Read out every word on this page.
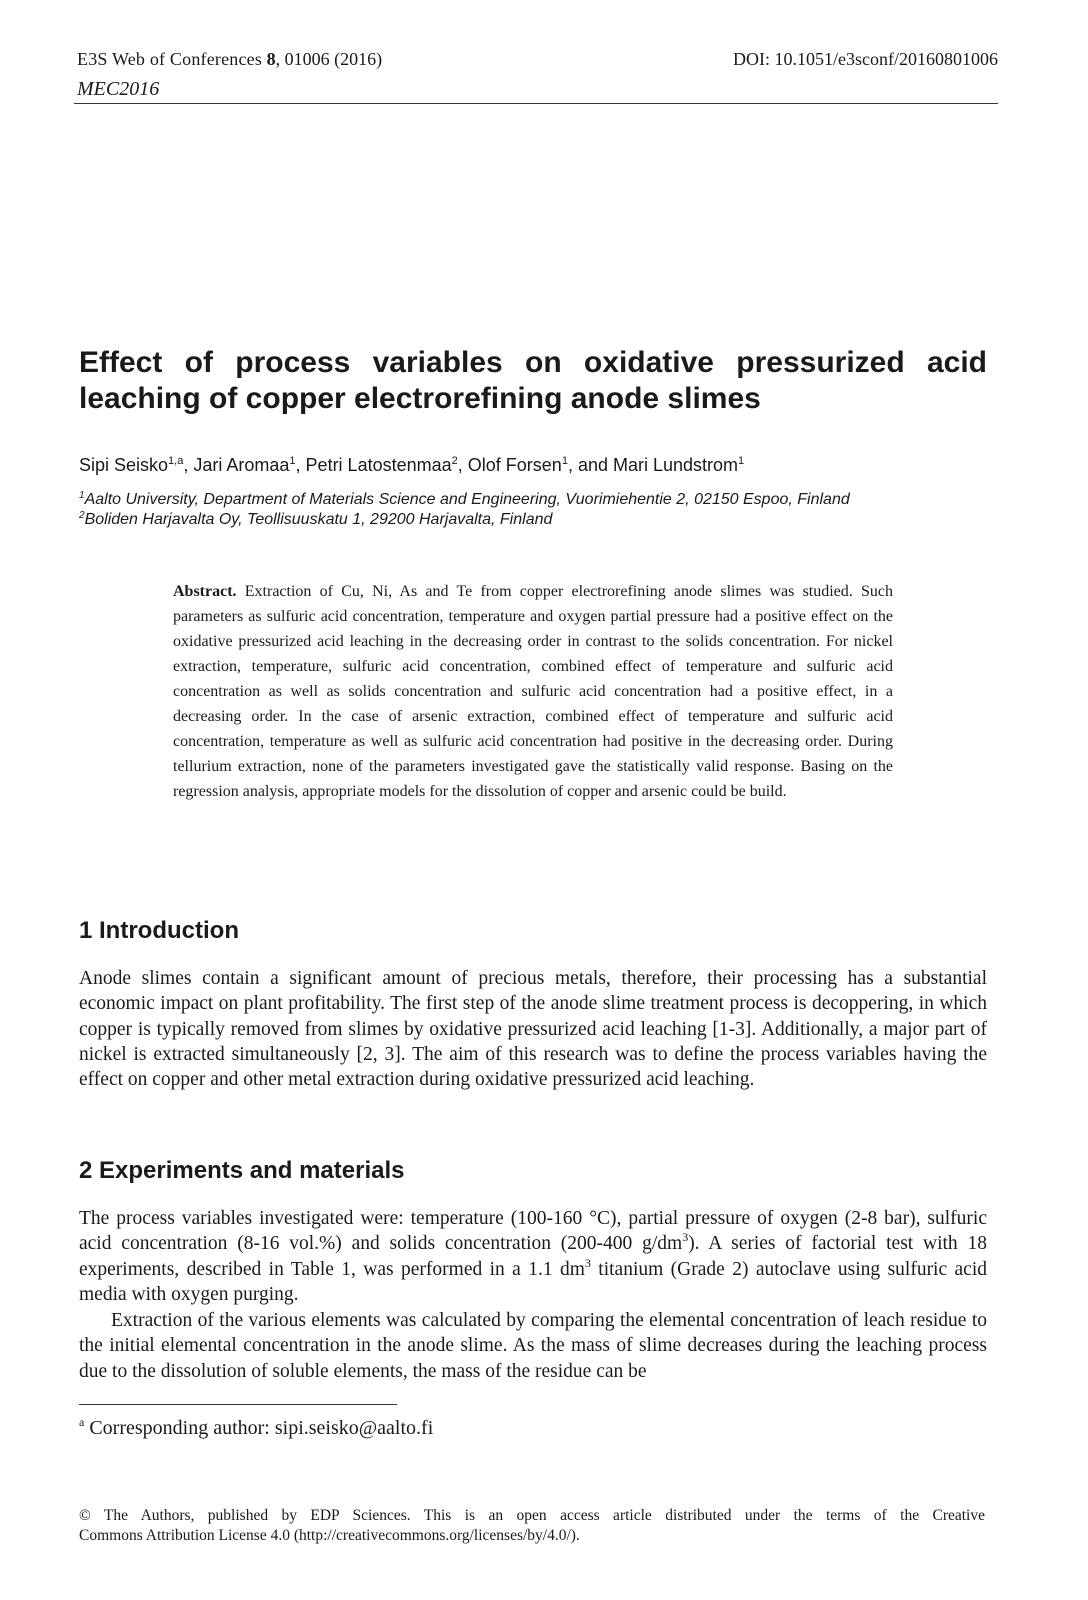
E3S Web of Conferences 8, 01006 (2016)
MEC2016
DOI: 10.1051/e3sconf/20160801006
Effect of process variables on oxidative pressurized acid
leaching of copper electrorefining anode slimes
Sipi Seisko$^{1,a}$, Jari Aromaa$^1$, Petri Latostenmaa$^2$, Olof Forsen$^1$, and Mari Lundstrom$^1$
$^1$Aalto University, Department of Materials Science and Engineering, Vuorimiehentie 2, 02150 Espoo, Finland
$^2$Boliden Harjavalta Oy, Teollisuuskatu 1, 29200 Harjavalta, Finland
Abstract. Extraction of Cu, Ni, As and Te from copper electrorefining anode slimes was studied. Such parameters as sulfuric acid concentration, temperature and oxygen partial pressure had a positive effect on the oxidative pressurized acid leaching in the decreasing order in contrast to the solids concentration. For nickel extraction, temperature, sulfuric acid concentration, combined effect of temperature and sulfuric acid concentration as well as solids concentration and sulfuric acid concentration had a positive effect, in a decreasing order. In the case of arsenic extraction, combined effect of temperature and sulfuric acid concentration, temperature as well as sulfuric acid concentration had positive in the decreasing order. During tellurium extraction, none of the parameters investigated gave the statistically valid response. Basing on the regression analysis, appropriate models for the dissolution of copper and arsenic could be build.
1 Introduction
Anode slimes contain a significant amount of precious metals, therefore, their processing has a substantial economic impact on plant profitability. The first step of the anode slime treatment process is decoppering, in which copper is typically removed from slimes by oxidative pressurized acid leaching [1-3]. Additionally, a major part of nickel is extracted simultaneously [2, 3]. The aim of this research was to define the process variables having the effect on copper and other metal extraction during oxidative pressurized acid leaching.
2 Experiments and materials
The process variables investigated were: temperature (100-160 °C), partial pressure of oxygen (2-8 bar), sulfuric acid concentration (8-16 vol.%) and solids concentration (200-400 $g/dm^3$). A series of factorial test with 18 experiments, described in Table 1, was performed in a 1.1 $dm^3$ titanium (Grade 2) autoclave using sulfuric acid media with oxygen purging.
Extraction of the various elements was calculated by comparing the elemental concentration of leach residue to the initial elemental concentration in the anode slime. As the mass of slime decreases during the leaching process due to the dissolution of soluble elements, the mass of the residue can be
$^a$ Corresponding author: sipi.seisko@aalto.fi
© The Authors, published by EDP Sciences. This is an open access article distributed under the terms of the Creative
Commons Attribution License 4.0 (http://creativecommons.org/licenses/by/4.0/).
